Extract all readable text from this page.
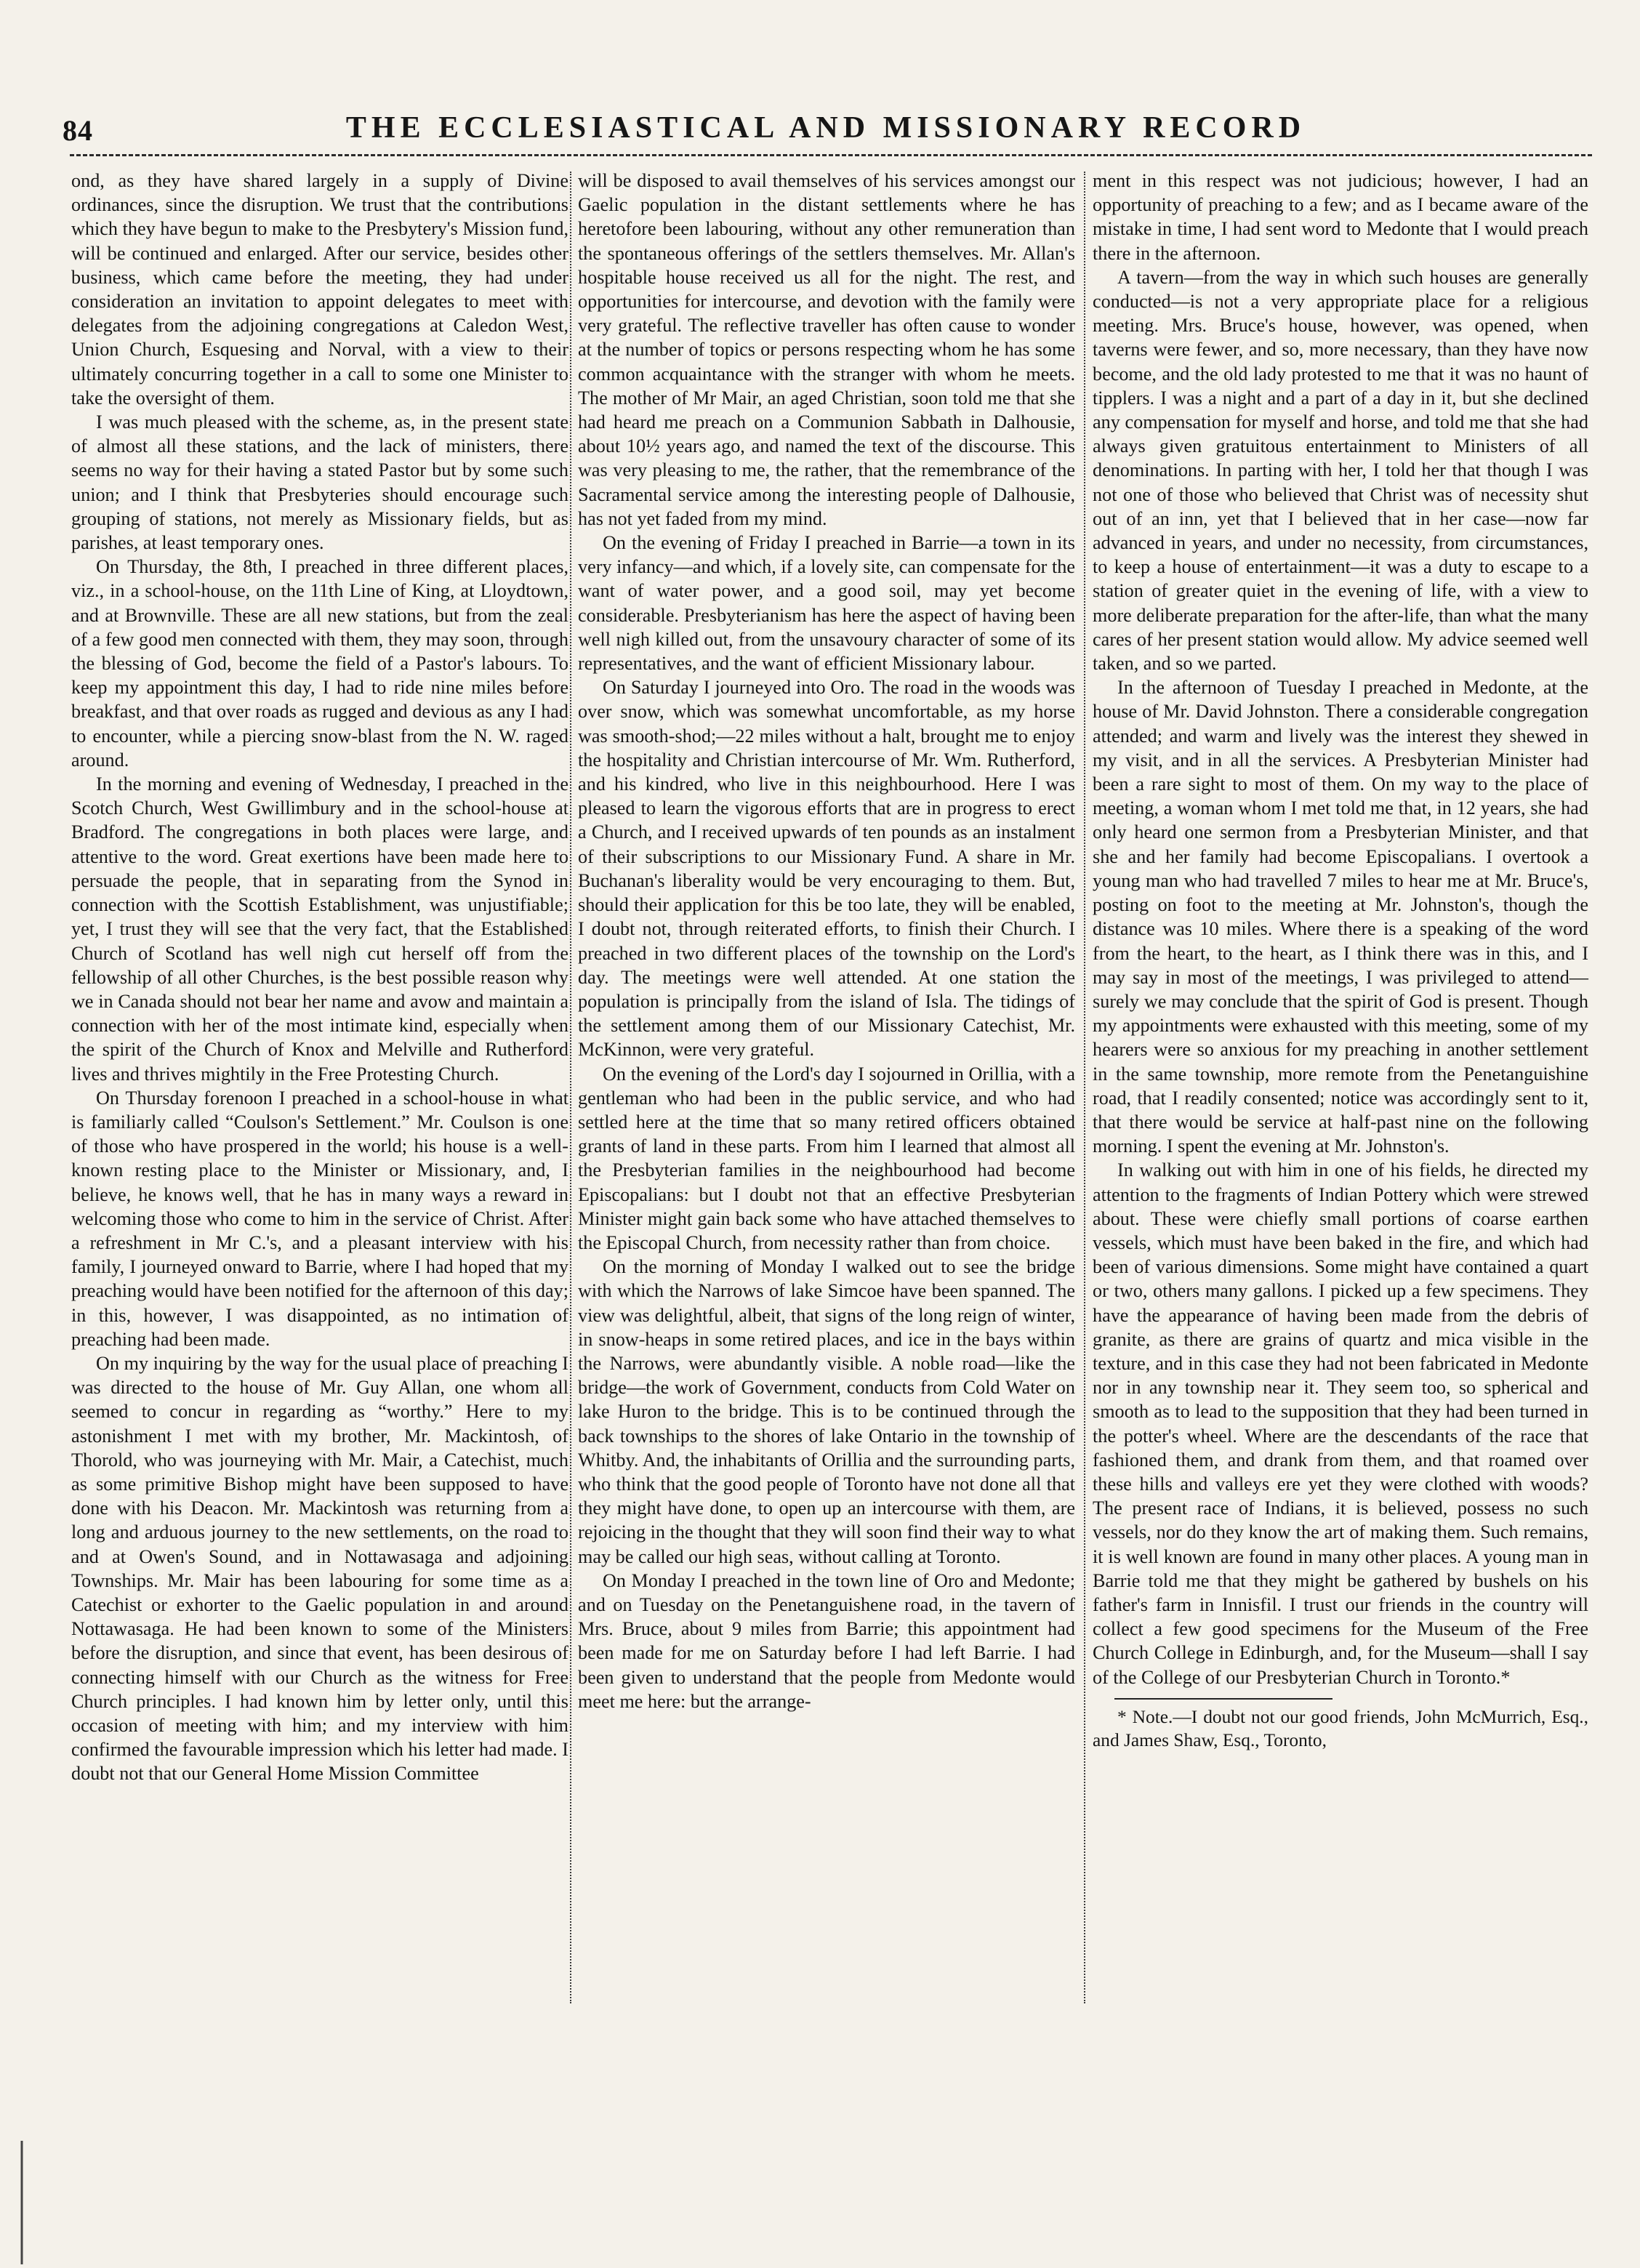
84	THE ECCLESIASTICAL AND MISSIONARY RECORD

ond, as they have shared largely in a supply of Divine ordinances, since the disruption. We trust that the contributions which they have begun to make to the Presbytery's Mission fund, will be continued and enlarged. After our service, besides other business, which came before the meeting, they had under consideration an invitation to appoint delegates to meet with delegates from the adjoining congregations at Caledon West, Union Church, Esquesing and Norval, with a view to their ultimately concurring together in a call to some one Minister to take the oversight of them.

I was much pleased with the scheme, as, in the present state of almost all these stations, and the lack of ministers, there seems no way for their having a stated Pastor but by some such union; and I think that Presbyteries should encourage such grouping of stations, not merely as Missionary fields, but as parishes, at least temporary ones.

On Thursday, the 8th, I preached in three different places, viz., in a school-house, on the 11th Line of King, at Lloydtown, and at Brownville. These are all new stations, but from the zeal of a few good men connected with them, they may soon, through the blessing of God, become the field of a Pastor's labours. To keep my appointment this day, I had to ride nine miles before breakfast, and that over roads as rugged and devious as any I had to encounter, while a piercing snow-blast from the N. W. raged around.

In the morning and evening of Wednesday, I preached in the Scotch Church, West Gwillimbury and in the school-house at Bradford. The congregations in both places were large, and attentive to the word. Great exertions have been made here to persuade the people, that in separating from the Synod in connection with the Scottish Establishment, was unjustifiable; yet, I trust they will see that the very fact, that the Established Church of Scotland has well nigh cut herself off from the fellowship of all other Churches, is the best possible reason why we in Canada should not bear her name and avow and maintain a connection with her of the most intimate kind, especially when the spirit of the Church of Knox and Melville and Rutherford lives and thrives mightily in the Free Protesting Church.

On Thursday forenoon I preached in a school-house in what is familiarly called “Coulson's Settlement.” Mr. Coulson is one of those who have prospered in the world; his house is a well-known resting place to the Minister or Missionary, and, I believe, he knows well, that he has in many ways a reward in welcoming those who come to him in the service of Christ. After a refreshment in Mr C.'s, and a pleasant interview with his family, I journeyed onward to Barrie, where I had hoped that my preaching would have been notified for the afternoon of this day; in this, however, I was disappointed, as no intimation of preaching had been made.

On my inquiring by the way for the usual place of preaching I was directed to the house of Mr. Guy Allan, one whom all seemed to concur in regarding as “worthy.” Here to my astonishment I met with my brother, Mr. Mackintosh, of Thorold, who was journeying with Mr. Mair, a Catechist, much as some primitive Bishop might have been supposed to have done with his Deacon. Mr. Mackintosh was returning from a long and arduous journey to the new settlements, on the road to and at Owen's Sound, and in Nottawasaga and adjoining Townships. Mr. Mair has been labouring for some time as a Catechist or exhorter to the Gaelic population in and around Nottawasaga. He had been known to some of the Ministers before the disruption, and since that event, has been desirous of connecting himself with our Church as the witness for Free Church principles. I had known him by letter only, until this occasion of meeting with him; and my interview with him confirmed the favourable impression which his letter had made. I doubt not that our General Home Mission Committee

will be disposed to avail themselves of his services amongst our Gaelic population in the distant settlements where he has heretofore been labouring, without any other remuneration than the spontaneous offerings of the settlers themselves. Mr. Allan's hospitable house received us all for the night. The rest, and opportunities for intercourse, and devotion with the family were very grateful. The reflective traveller has often cause to wonder at the number of topics or persons respecting whom he has some common acquaintance with the stranger with whom he meets. The mother of Mr Mair, an aged Christian, soon told me that she had heard me preach on a Communion Sabbath in Dalhousie, about 10½ years ago, and named the text of the discourse. This was very pleasing to me, the rather, that the remembrance of the Sacramental service among the interesting people of Dalhousie, has not yet faded from my mind.

On the evening of Friday I preached in Barrie—a town in its very infancy—and which, if a lovely site, can compensate for the want of water power, and a good soil, may yet become considerable. Presbyterianism has here the aspect of having been well nigh killed out, from the unsavoury character of some of its representatives, and the want of efficient Missionary labour.

On Saturday I journeyed into Oro. The road in the woods was over snow, which was somewhat uncomfortable, as my horse was smooth-shod;—22 miles without a halt, brought me to enjoy the hospitality and Christian intercourse of Mr. Wm. Rutherford, and his kindred, who live in this neighbourhood. Here I was pleased to learn the vigorous efforts that are in progress to erect a Church, and I received upwards of ten pounds as an instalment of their subscriptions to our Missionary Fund. A share in Mr. Buchanan's liberality would be very encouraging to them. But, should their application for this be too late, they will be enabled, I doubt not, through reiterated efforts, to finish their Church. I preached in two different places of the township on the Lord's day. The meetings were well attended. At one station the population is principally from the island of Isla. The tidings of the settlement among them of our Missionary Catechist, Mr. McKinnon, were very grateful.

On the evening of the Lord's day I sojourned in Orillia, with a gentleman who had been in the public service, and who had settled here at the time that so many retired officers obtained grants of land in these parts. From him I learned that almost all the Presbyterian families in the neighbourhood had become Episcopalians: but I doubt not that an effective Presbyterian Minister might gain back some who have attached themselves to the Episcopal Church, from necessity rather than from choice.

On the morning of Monday I walked out to see the bridge with which the Narrows of lake Simcoe have been spanned. The view was delightful, albeit, that signs of the long reign of winter, in snow-heaps in some retired places, and ice in the bays within the Narrows, were abundantly visible. A noble road—like the bridge—the work of Government, conducts from Cold Water on lake Huron to the bridge. This is to be continued through the back townships to the shores of lake Ontario in the township of Whitby. And, the inhabitants of Orillia and the surrounding parts, who think that the good people of Toronto have not done all that they might have done, to open up an intercourse with them, are rejoicing in the thought that they will soon find their way to what may be called our high seas, without calling at Toronto.

On Monday I preached in the town line of Oro and Medonte; and on Tuesday on the Penetanguishene road, in the tavern of Mrs. Bruce, about 9 miles from Barrie; this appointment had been made for me on Saturday before I had left Barrie. I had been given to understand that the people from Medonte would meet me here: but the arrange-

ment in this respect was not judicious; however, I had an opportunity of preaching to a few; and as I became aware of the mistake in time, I had sent word to Medonte that I would preach there in the afternoon.

A tavern—from the way in which such houses are generally conducted—is not a very appropriate place for a religious meeting. Mrs. Bruce's house, however, was opened, when taverns were fewer, and so, more necessary, than they have now become, and the old lady protested to me that it was no haunt of tipplers. I was a night and a part of a day in it, but she declined any compensation for myself and horse, and told me that she had always given gratuitous entertainment to Ministers of all denominations. In parting with her, I told her that though I was not one of those who believed that Christ was of necessity shut out of an inn, yet that I believed that in her case—now far advanced in years, and under no necessity, from circumstances, to keep a house of entertainment—it was a duty to escape to a station of greater quiet in the evening of life, with a view to more deliberate preparation for the after-life, than what the many cares of her present station would allow. My advice seemed well taken, and so we parted.

In the afternoon of Tuesday I preached in Medonte, at the house of Mr. David Johnston. There a considerable congregation attended; and warm and lively was the interest they shewed in my visit, and in all the services. A Presbyterian Minister had been a rare sight to most of them. On my way to the place of meeting, a woman whom I met told me that, in 12 years, she had only heard one sermon from a Presbyterian Minister, and that she and her family had become Episcopalians. I overtook a young man who had travelled 7 miles to hear me at Mr. Bruce's, posting on foot to the meeting at Mr. Johnston's, though the distance was 10 miles. Where there is a speaking of the word from the heart, to the heart, as I think there was in this, and I may say in most of the meetings, I was privileged to attend—surely we may conclude that the spirit of God is present. Though my appointments were exhausted with this meeting, some of my hearers were so anxious for my preaching in another settlement in the same township, more remote from the Penetanguishine road, that I readily consented; notice was accordingly sent to it, that there would be service at half-past nine on the following morning. I spent the evening at Mr. Johnston's.

In walking out with him in one of his fields, he directed my attention to the fragments of Indian Pottery which were strewed about. These were chiefly small portions of coarse earthen vessels, which must have been baked in the fire, and which had been of various dimensions. Some might have contained a quart or two, others many gallons. I picked up a few specimens. They have the appearance of having been made from the debris of granite, as there are grains of quartz and mica visible in the texture, and in this case they had not been fabricated in Medonte nor in any township near it. They seem too, so spherical and smooth as to lead to the supposition that they had been turned in the potter's wheel. Where are the descendants of the race that fashioned them, and drank from them, and that roamed over these hills and valleys ere yet they were clothed with woods? The present race of Indians, it is believed, possess no such vessels, nor do they know the art of making them. Such remains, it is well known are found in many other places. A young man in Barrie told me that they might be gathered by bushels on his father's farm in Innisfil. I trust our friends in the country will collect a few good specimens for the Museum of the Free Church College in Edinburgh, and, for the Museum—shall I say of the College of our Presbyterian Church in Toronto.*

* Note.—I doubt not our good friends, John McMurrich, Esq., and James Shaw, Esq., Toronto,
